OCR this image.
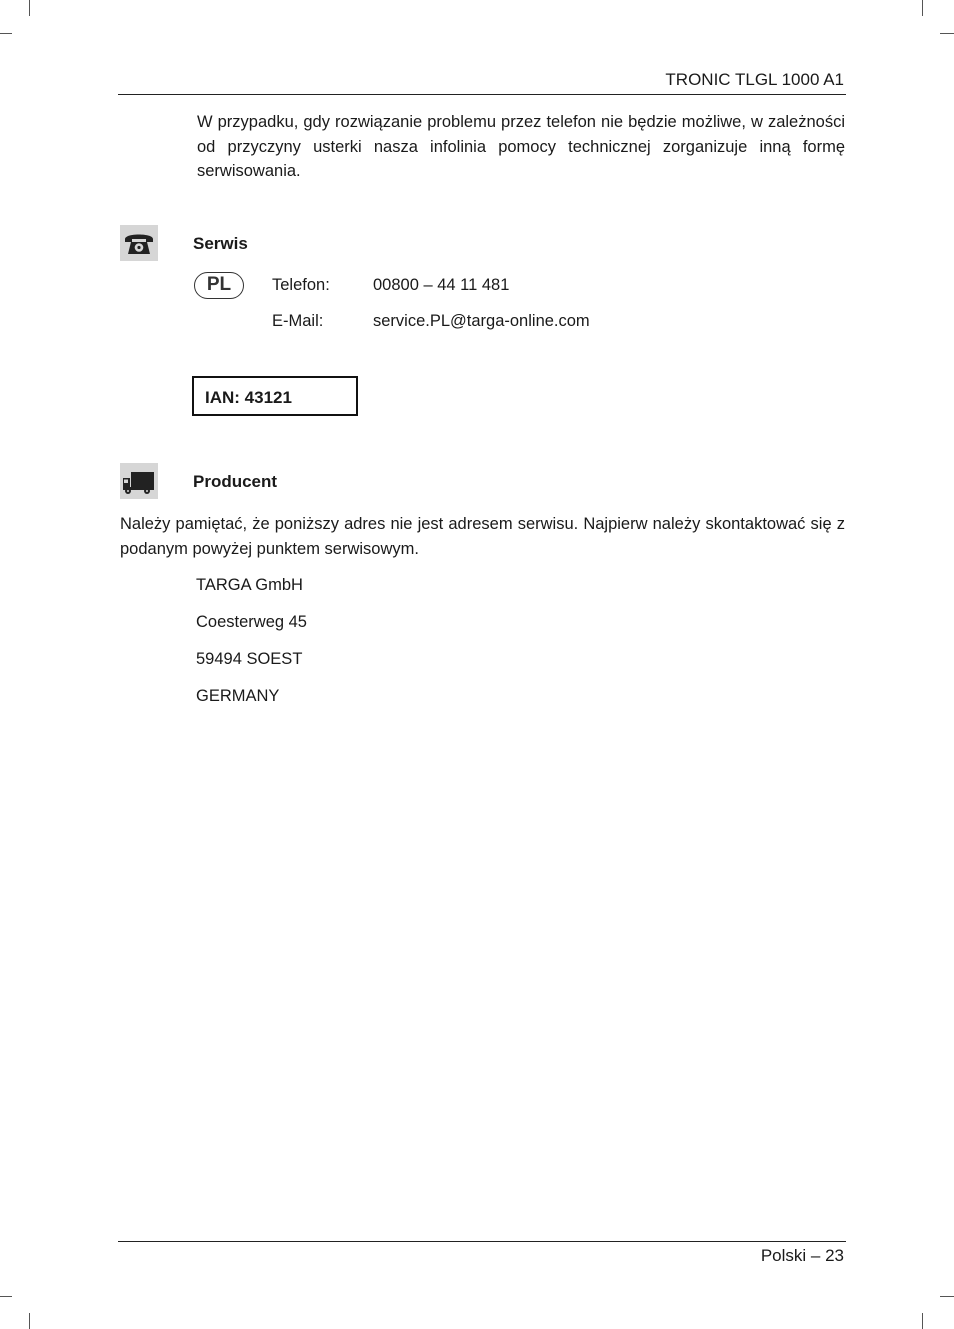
TRONIC TLGL 1000 A1
W przypadku, gdy rozwiązanie problemu przez telefon nie będzie możliwe, w zależności od przyczyny usterki nasza infolinia pomocy technicznej zorganizuje inną formę serwisowania.
Serwis
PL	Telefon:	00800 – 44 11 481
E-Mail:	service.PL@targa-online.com
IAN: 43121
Producent
Należy pamiętać, że poniższy adres nie jest adresem serwisu. Najpierw należy skontaktować się z podanym powyżej punktem serwisowym.
TARGA GmbH
Coesterweg 45
59494 SOEST
GERMANY
Polski – 23
